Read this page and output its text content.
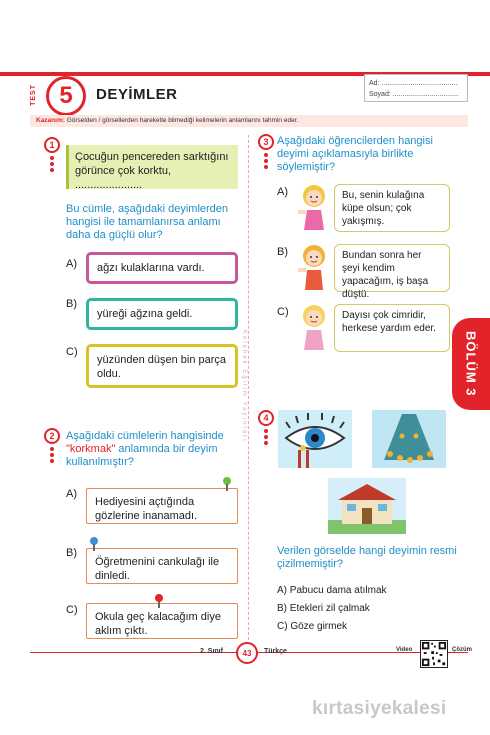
TEST 5	DEYİMLER
Ad: .......................................
Soyad: ..................................
Kazanım: Görselden / görsellerden hareketle bilmediği kelimelerin anlamlarını tahmin eder.
Kelebek Eğitim Yayınları
1
Çocuğun pencereden sarktığını görünce çok korktu, ......................
Bu cümle, aşağıdaki deyimlerden hangisi ile tamamlanırsa anlamı daha da güçlü olur?
A)	ağzı kulaklarına vardı.
B)
yüreği ağzına geldi.
C)
yüzünden düşen bin parça oldu.
2	Aşağıdaki cümlelerin hangisinde "korkmak" anlamında bir deyim kullanılmıştır?
A)
Hediyesini açtığında gözlerine inanamadı.
B)
Öğretmenini cankulağı ile dinledi.
C)
Okula geç kalacağım diye aklım çıktı.
3 Aşağıdaki öğrencilerden hangisi deyimi açıklamasıyla birlikte söylemiştir?
A)	Bu, senin kulağına küpe olsun; çok yakışmış.
B)	Bundan sonra her şeyi kendim yapacağım, iş başa düştü.
C)	Dayısı çok cimridir, herkese yardım eder.
4
Verilen görselde hangi deyimin resmi çizilmemiştir?
A) Pabucu dama atılmak
B) Etekleri zil çalmak
C) Göze girmek
BÖLÜM 3
2. Sınıf	43	Türkçe	Video	Çözüm
kırtasiyekalesi
